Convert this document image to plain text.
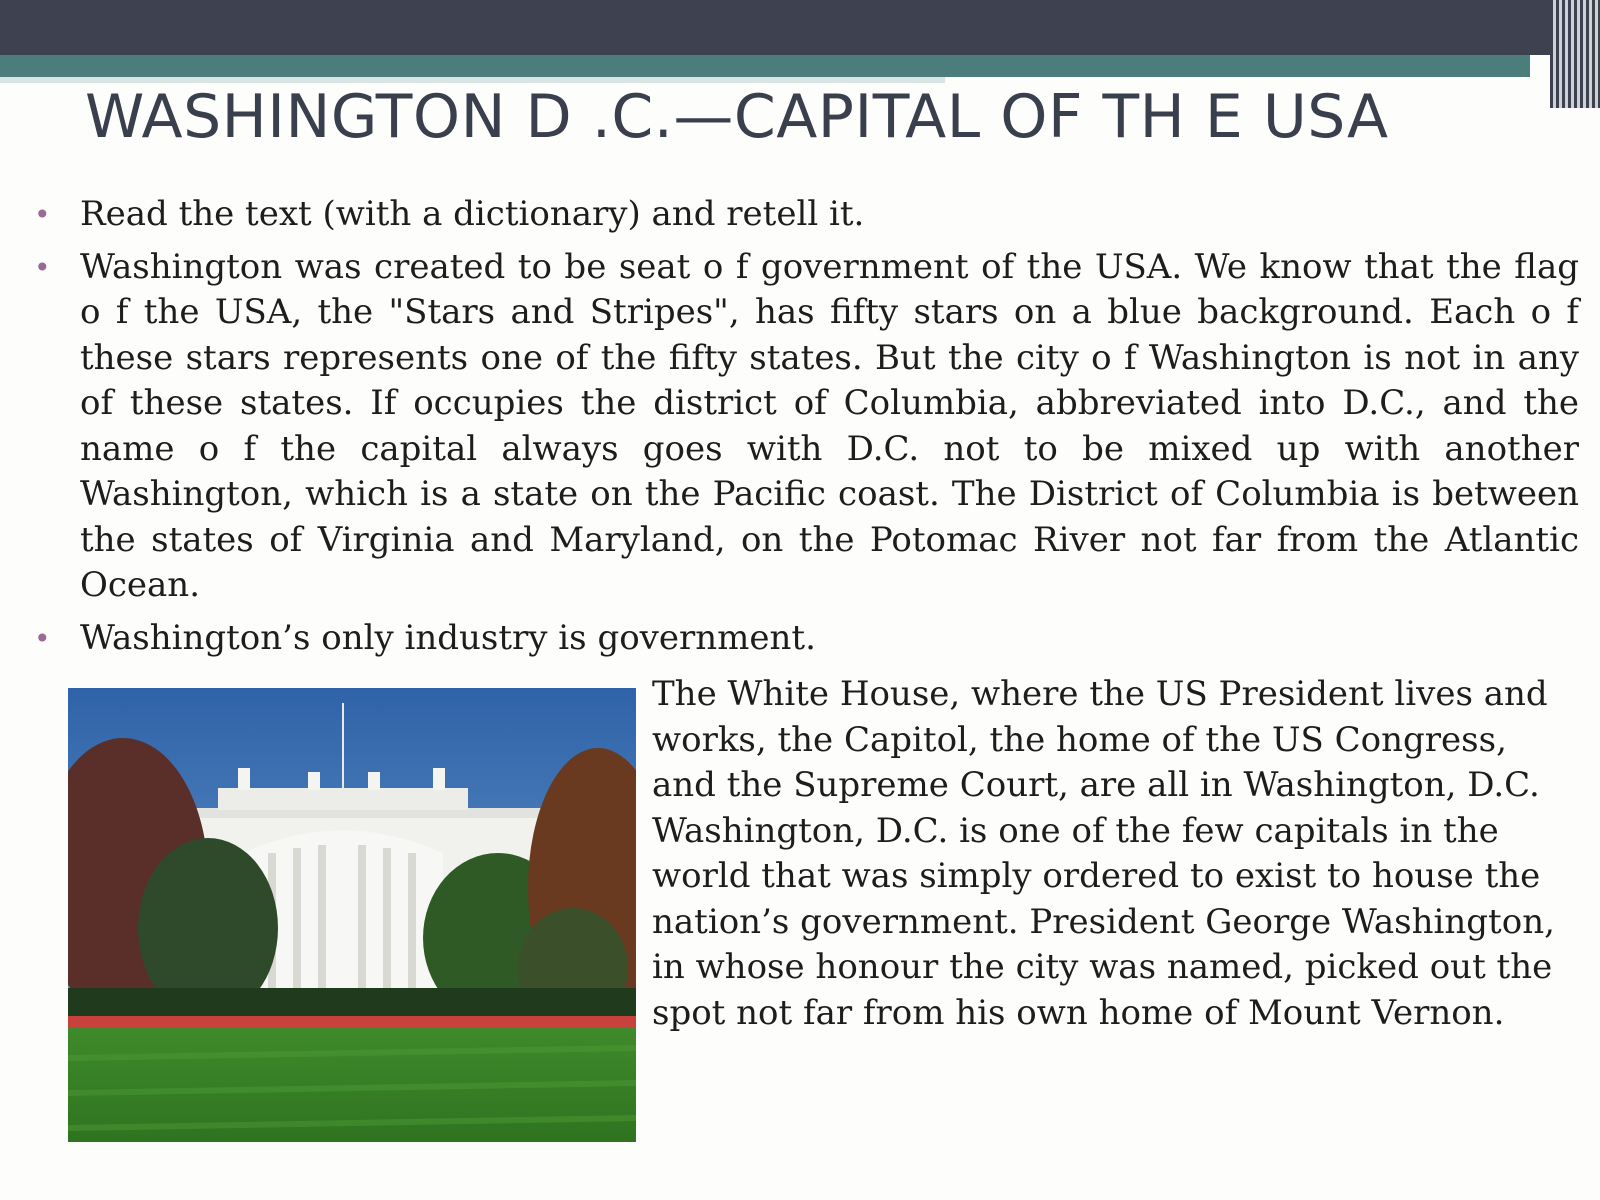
WASHINGTON D .C.—CAPITAL OF TH E USA
• Read the text (with a dictionary) and retell it.
• Washington was created to be seat o f government of the USA. We know that the flag o f the USA, the "Stars and Stripes", has fifty stars on a blue background. Each o f these stars represents one of the fifty states. But the city o f Washington is not in any of these states. If occupies the district of Columbia, abbreviated into D.C., and the name o f the capital always goes with D.C. not to be mixed up with another Washington, which is a state on the Pacific coast. The District of Columbia is between the states of Virginia and Maryland, on the Potomac River not far from the Atlantic Ocean.
• Washington’s only industry is government.

The White House, where the US President lives and works, the Capitol, the home of the US Congress, and the Supreme Court, are all in Washington, D.C.

Washington, D.C. is one of the few capitals in the world that was simply ordered to exist to house the nation’s government. President George Washington, in whose honour the city was named, picked out the spot not far from his own home of Mount Vernon.
